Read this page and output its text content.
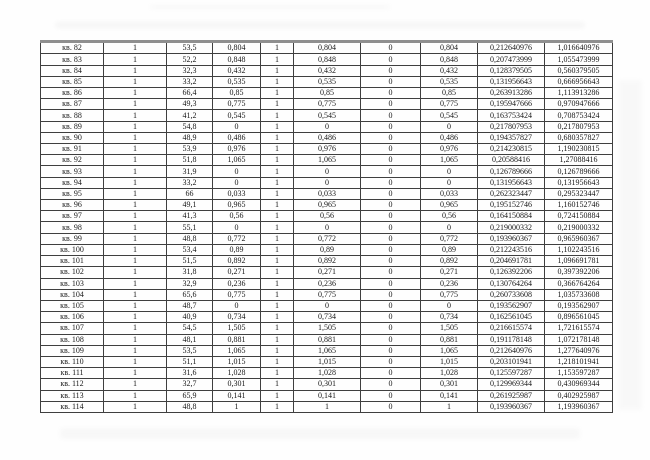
кв. 82	1	53,5	0,804	1	0,804	0	0,804	0,212640976	1,016640976
кв. 83	1	52,2	0,848	1	0,848	0	0,848	0,207473999	1,055473999
кв. 84	1	32,3	0,432	1	0,432	0	0,432	0,128379505	0,560379505
кв. 85	1	33,2	0,535	1	0,535	0	0,535	0,131956643	0,666956643
кв. 86	1	66,4	0,85	1	0,85	0	0,85	0,263913286	1,113913286
кв. 87	1	49,3	0,775	1	0,775	0	0,775	0,195947666	0,970947666
кв. 88	1	41,2	0,545	1	0,545	0	0,545	0,163753424	0,708753424
кв. 89	1	54,8	0	1	0	0	0	0,217807953	0,217807953
кв. 90	1	48,9	0,486	1	0,486	0	0,486	0,194357827	0,680357827
кв. 91	1	53,9	0,976	1	0,976	0	0,976	0,214230815	1,190230815
кв. 92	1	51,8	1,065	1	1,065	0	1,065	0,20588416	1,27088416
кв. 93	1	31,9	0	1	0	0	0	0,126789666	0,126789666
кв. 94	1	33,2	0	1	0	0	0	0,131956643	0,131956643
кв. 95	1	66	0,033	1	0,033	0	0,033	0,262323447	0,295323447
кв. 96	1	49,1	0,965	1	0,965	0	0,965	0,195152746	1,160152746
кв. 97	1	41,3	0,56	1	0,56	0	0,56	0,164150884	0,724150884
кв. 98	1	55,1	0	1	0	0	0	0,219000332	0,219000332
кв. 99	1	48,8	0,772	1	0,772	0	0,772	0,193960367	0,965960367
кв. 100	1	53,4	0,89	1	0,89	0	0,89	0,212243516	1,102243516
кв. 101	1	51,5	0,892	1	0,892	0	0,892	0,204691781	1,096691781
кв. 102	1	31,8	0,271	1	0,271	0	0,271	0,126392206	0,397392206
кв. 103	1	32,9	0,236	1	0,236	0	0,236	0,130764264	0,366764264
кв. 104	1	65,6	0,775	1	0,775	0	0,775	0,260733608	1,035733608
кв. 105	1	48,7	0	1	0	0	0	0,193562907	0,193562907
кв. 106	1	40,9	0,734	1	0,734	0	0,734	0,162561045	0,896561045
кв. 107	1	54,5	1,505	1	1,505	0	1,505	0,216615574	1,721615574
кв. 108	1	48,1	0,881	1	0,881	0	0,881	0,191178148	1,072178148
кв. 109	1	53,5	1,065	1	1,065	0	1,065	0,212640976	1,277640976
кв. 110	1	51,1	1,015	1	1,015	0	1,015	0,203101941	1,218101941
кв. 111	1	31,6	1,028	1	1,028	0	1,028	0,125597287	1,153597287
кв. 112	1	32,7	0,301	1	0,301	0	0,301	0,129969344	0,430969344
кв. 113	1	65,9	0,141	1	0,141	0	0,141	0,261925987	0,402925987
кв. 114	1	48,8	1	1	1	0	1	0,193960367	1,193960367
